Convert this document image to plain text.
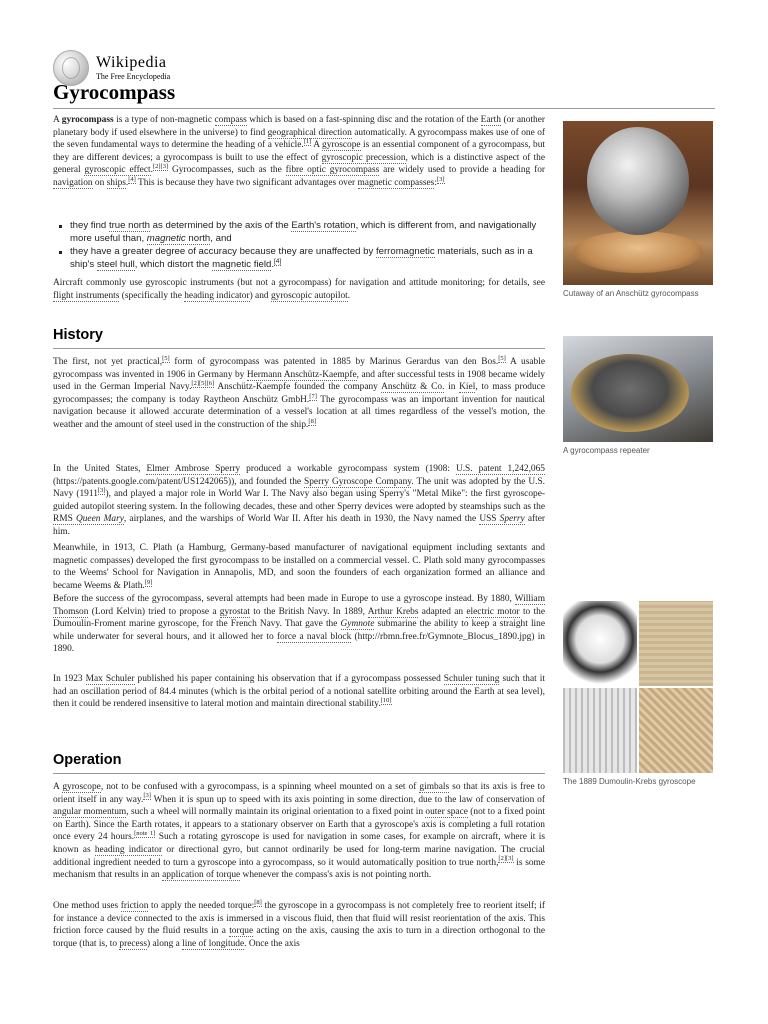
Wikipedia
The Free Encyclopedia
Gyrocompass

A gyrocompass is a type of non-magnetic compass which is based on a fast-spinning disc and the rotation of the Earth (or another planetary body if used elsewhere in the universe) to find geographical direction automatically. A gyrocompass makes use of one of the seven fundamental ways to determine the heading of a vehicle.[1] A gyroscope is an essential component of a gyrocompass, but they are different devices; a gyrocompass is built to use the effect of gyroscopic precession, which is a distinctive aspect of the general gyroscopic effect.[2][3] Gyrocompasses, such as the fibre optic gyrocompass are widely used to provide a heading for navigation on ships.[4] This is because they have two significant advantages over magnetic compasses:[3]

they find true north as determined by the axis of the Earth's rotation, which is different from, and navigationally more useful than, magnetic north, and
they have a greater degree of accuracy because they are unaffected by ferromagnetic materials, such as in a ship's steel hull, which distort the magnetic field.[4]

Aircraft commonly use gyroscopic instruments (but not a gyrocompass) for navigation and attitude monitoring; for details, see flight instruments (specifically the heading indicator) and gyroscopic autopilot.

History

The first, not yet practical,[5] form of gyrocompass was patented in 1885 by Marinus Gerardus van den Bos.[5] A usable gyrocompass was invented in 1906 in Germany by Hermann Anschütz-Kaempfe, and after successful tests in 1908 became widely used in the German Imperial Navy.[2][5][6] Anschütz-Kaempfe founded the company Anschütz & Co. in Kiel, to mass produce gyrocompasses; the company is today Raytheon Anschütz GmbH.[7] The gyrocompass was an important invention for nautical navigation because it allowed accurate determination of a vessel's location at all times regardless of the vessel's motion, the weather and the amount of steel used in the construction of the ship.[8]

In the United States, Elmer Ambrose Sperry produced a workable gyrocompass system (1908: U.S. patent 1,242,065 (https://patents.google.com/patent/US1242065)), and founded the Sperry Gyroscope Company. The unit was adopted by the U.S. Navy (1911[3]), and played a major role in World War I. The Navy also began using Sperry's "Metal Mike": the first gyroscope-guided autopilot steering system. In the following decades, these and other Sperry devices were adopted by steamships such as the RMS Queen Mary, airplanes, and the warships of World War II. After his death in 1930, the Navy named the USS Sperry after him.

Meanwhile, in 1913, C. Plath (a Hamburg, Germany-based manufacturer of navigational equipment including sextants and magnetic compasses) developed the first gyrocompass to be installed on a commercial vessel. C. Plath sold many gyrocompasses to the Weems' School for Navigation in Annapolis, MD, and soon the founders of each organization formed an alliance and became Weems & Plath.[9]

Before the success of the gyrocompass, several attempts had been made in Europe to use a gyroscope instead. By 1880, William Thomson (Lord Kelvin) tried to propose a gyrostat to the British Navy. In 1889, Arthur Krebs adapted an electric motor to the Dumoulin-Froment marine gyroscope, for the French Navy. That gave the Gymnote submarine the ability to keep a straight line while underwater for several hours, and it allowed her to force a naval block (http://rbmn.free.fr/Gymnote_Blocus_1890.jpg) in 1890.

In 1923 Max Schuler published his paper containing his observation that if a gyrocompass possessed Schuler tuning such that it had an oscillation period of 84.4 minutes (which is the orbital period of a notional satellite orbiting around the Earth at sea level), then it could be rendered insensitive to lateral motion and maintain directional stability.[10]

Operation

A gyroscope, not to be confused with a gyrocompass, is a spinning wheel mounted on a set of gimbals so that its axis is free to orient itself in any way.[3] When it is spun up to speed with its axis pointing in some direction, due to the law of conservation of angular momentum, such a wheel will normally maintain its original orientation to a fixed point in outer space (not to a fixed point on Earth). Since the Earth rotates, it appears to a stationary observer on Earth that a gyroscope's axis is completing a full rotation once every 24 hours.[note 1] Such a rotating gyroscope is used for navigation in some cases, for example on aircraft, where it is known as heading indicator or directional gyro, but cannot ordinarily be used for long-term marine navigation. The crucial additional ingredient needed to turn a gyroscope into a gyrocompass, so it would automatically position to true north,[2][3] is some mechanism that results in an application of torque whenever the compass's axis is not pointing north.

One method uses friction to apply the needed torque:[8] the gyroscope in a gyrocompass is not completely free to reorient itself; if for instance a device connected to the axis is immersed in a viscous fluid, then that fluid will resist reorientation of the axis. This friction force caused by the fluid results in a torque acting on the axis, causing the axis to turn in a direction orthogonal to the torque (that is, to precess) along a line of longitude. Once the axis

Cutaway of an Anschütz gyrocompass
A gyrocompass repeater
The 1889 Dumoulin-Krebs gyroscope
